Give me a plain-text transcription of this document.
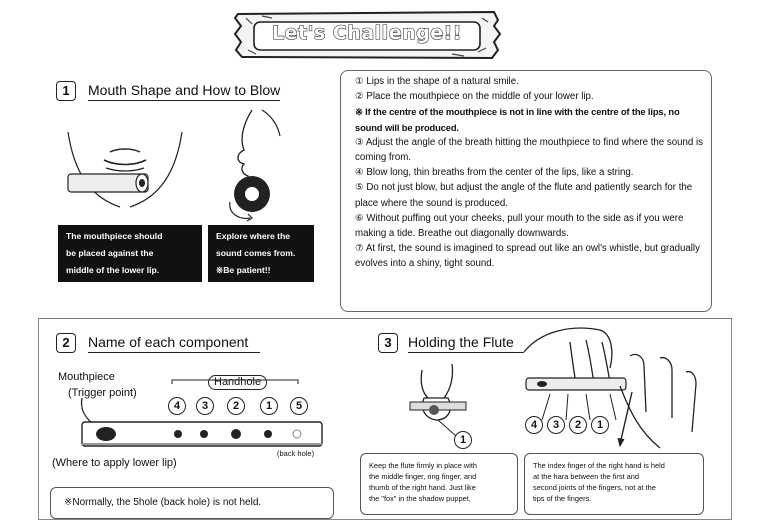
Let's Challenge!!
1	Mouth Shape and How to Blow
The mouthpiece should
be placed against the
middle of the lower lip.
Explore where the
sound comes from.
※Be patient!!
① Lips in the shape of a natural smile.
② Place the mouthpiece on the middle of your lower lip.
※ If the centre of the mouthpiece is not in line with the centre of the lips, no sound will be produced.
③ Adjust the angle of the breath hitting the mouthpiece to find where the sound is coming from.
④ Blow long, thin breaths from the center of the lips, like a string.
⑤ Do not just blow, but adjust the angle of the flute and patiently search for the place where the sound is produced.
⑥ Without puffing out your cheeks, pull your mouth to the side as if you were making a tide. Breathe out diagonally downwards.
⑦ At first, the sound is imagined to spread out like an owl's whistle, but gradually evolves into a shiny, tight sound.
2	Name of each component
Mouthpiece
(Trigger point)
Handhole
4	3	2	1	5
(back hole)
(Where to apply lower lip)
※Normally, the 5hole (back hole) is not held.
3	Holding the Flute
1
4	3	2	1
Keep the flute firmly in place with
the middle finger, ring finger, and
thumb of the right hand. Just like
the "fox" in the shadow puppet,
The index finger of the right hand is held
at the hara between the first and
second joints of the fingers, not at the
tips of the fingers.
